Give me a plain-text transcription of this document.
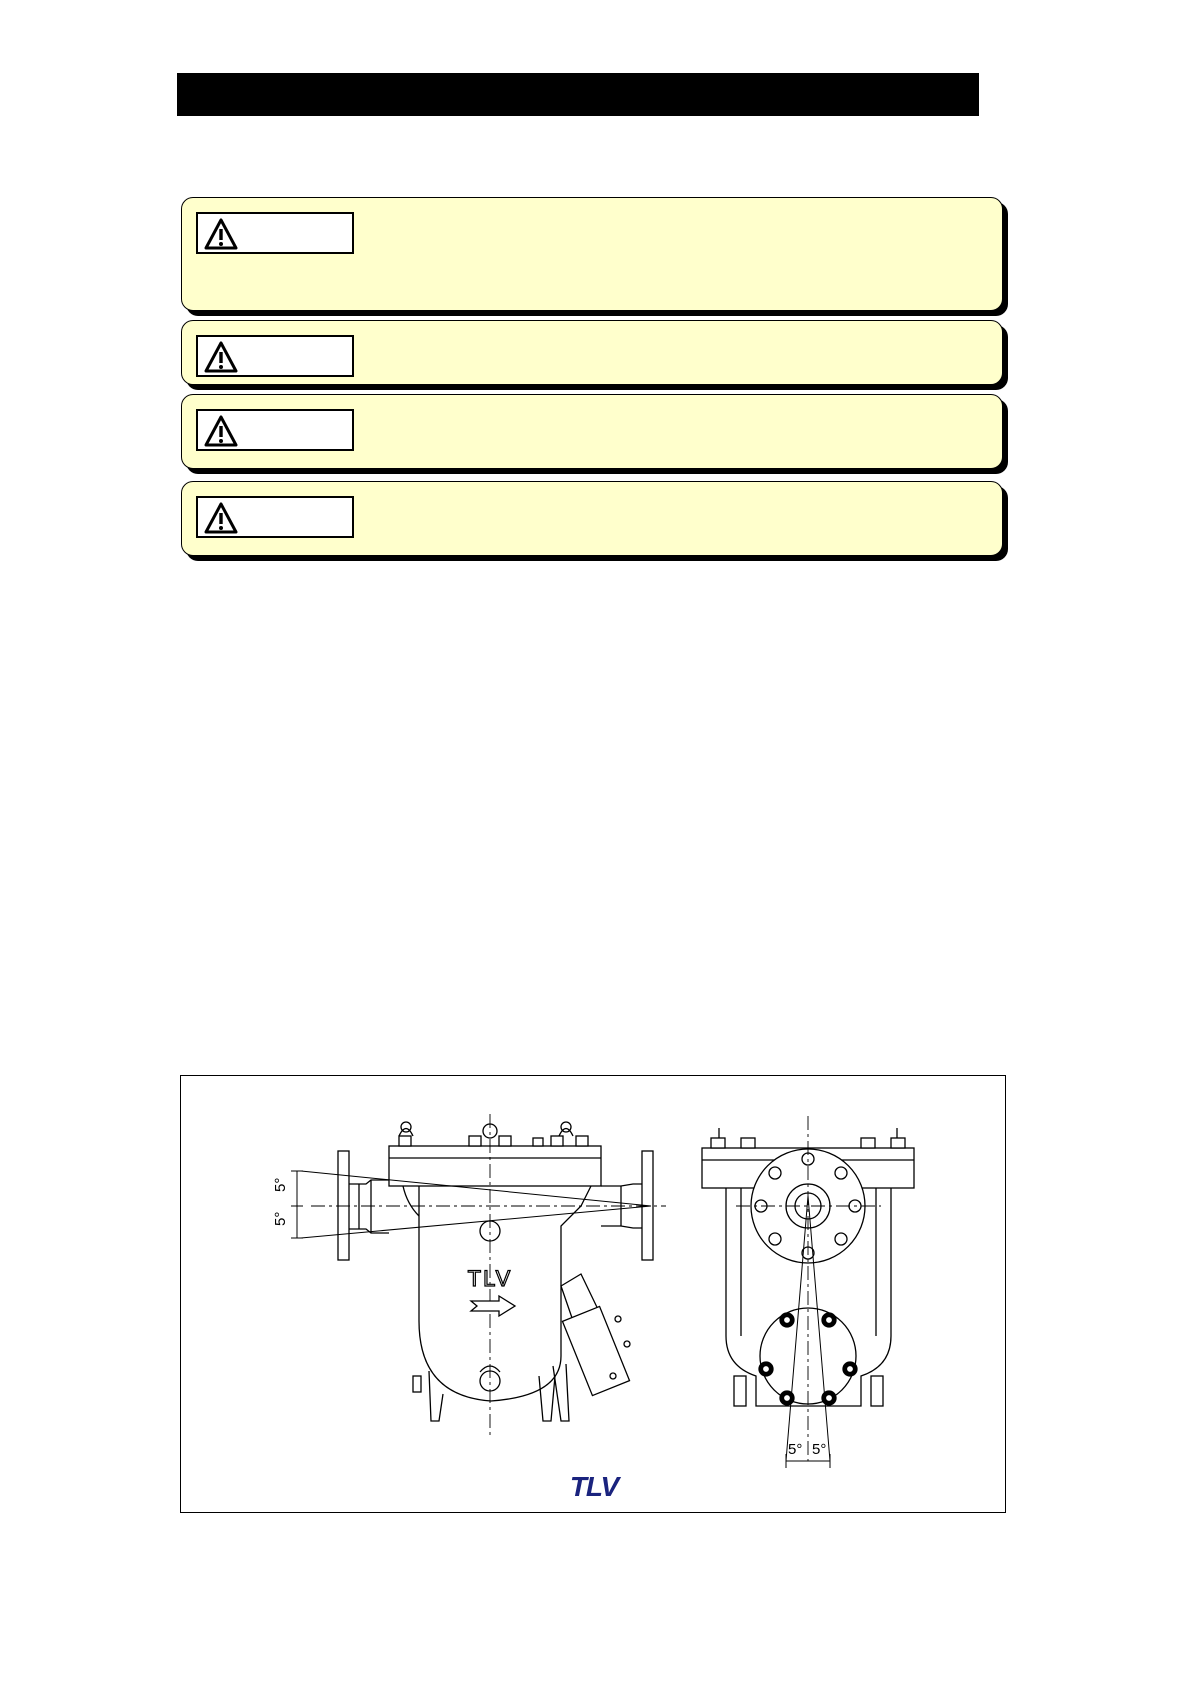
TLV
5°
5°
5° 5°
TLV
